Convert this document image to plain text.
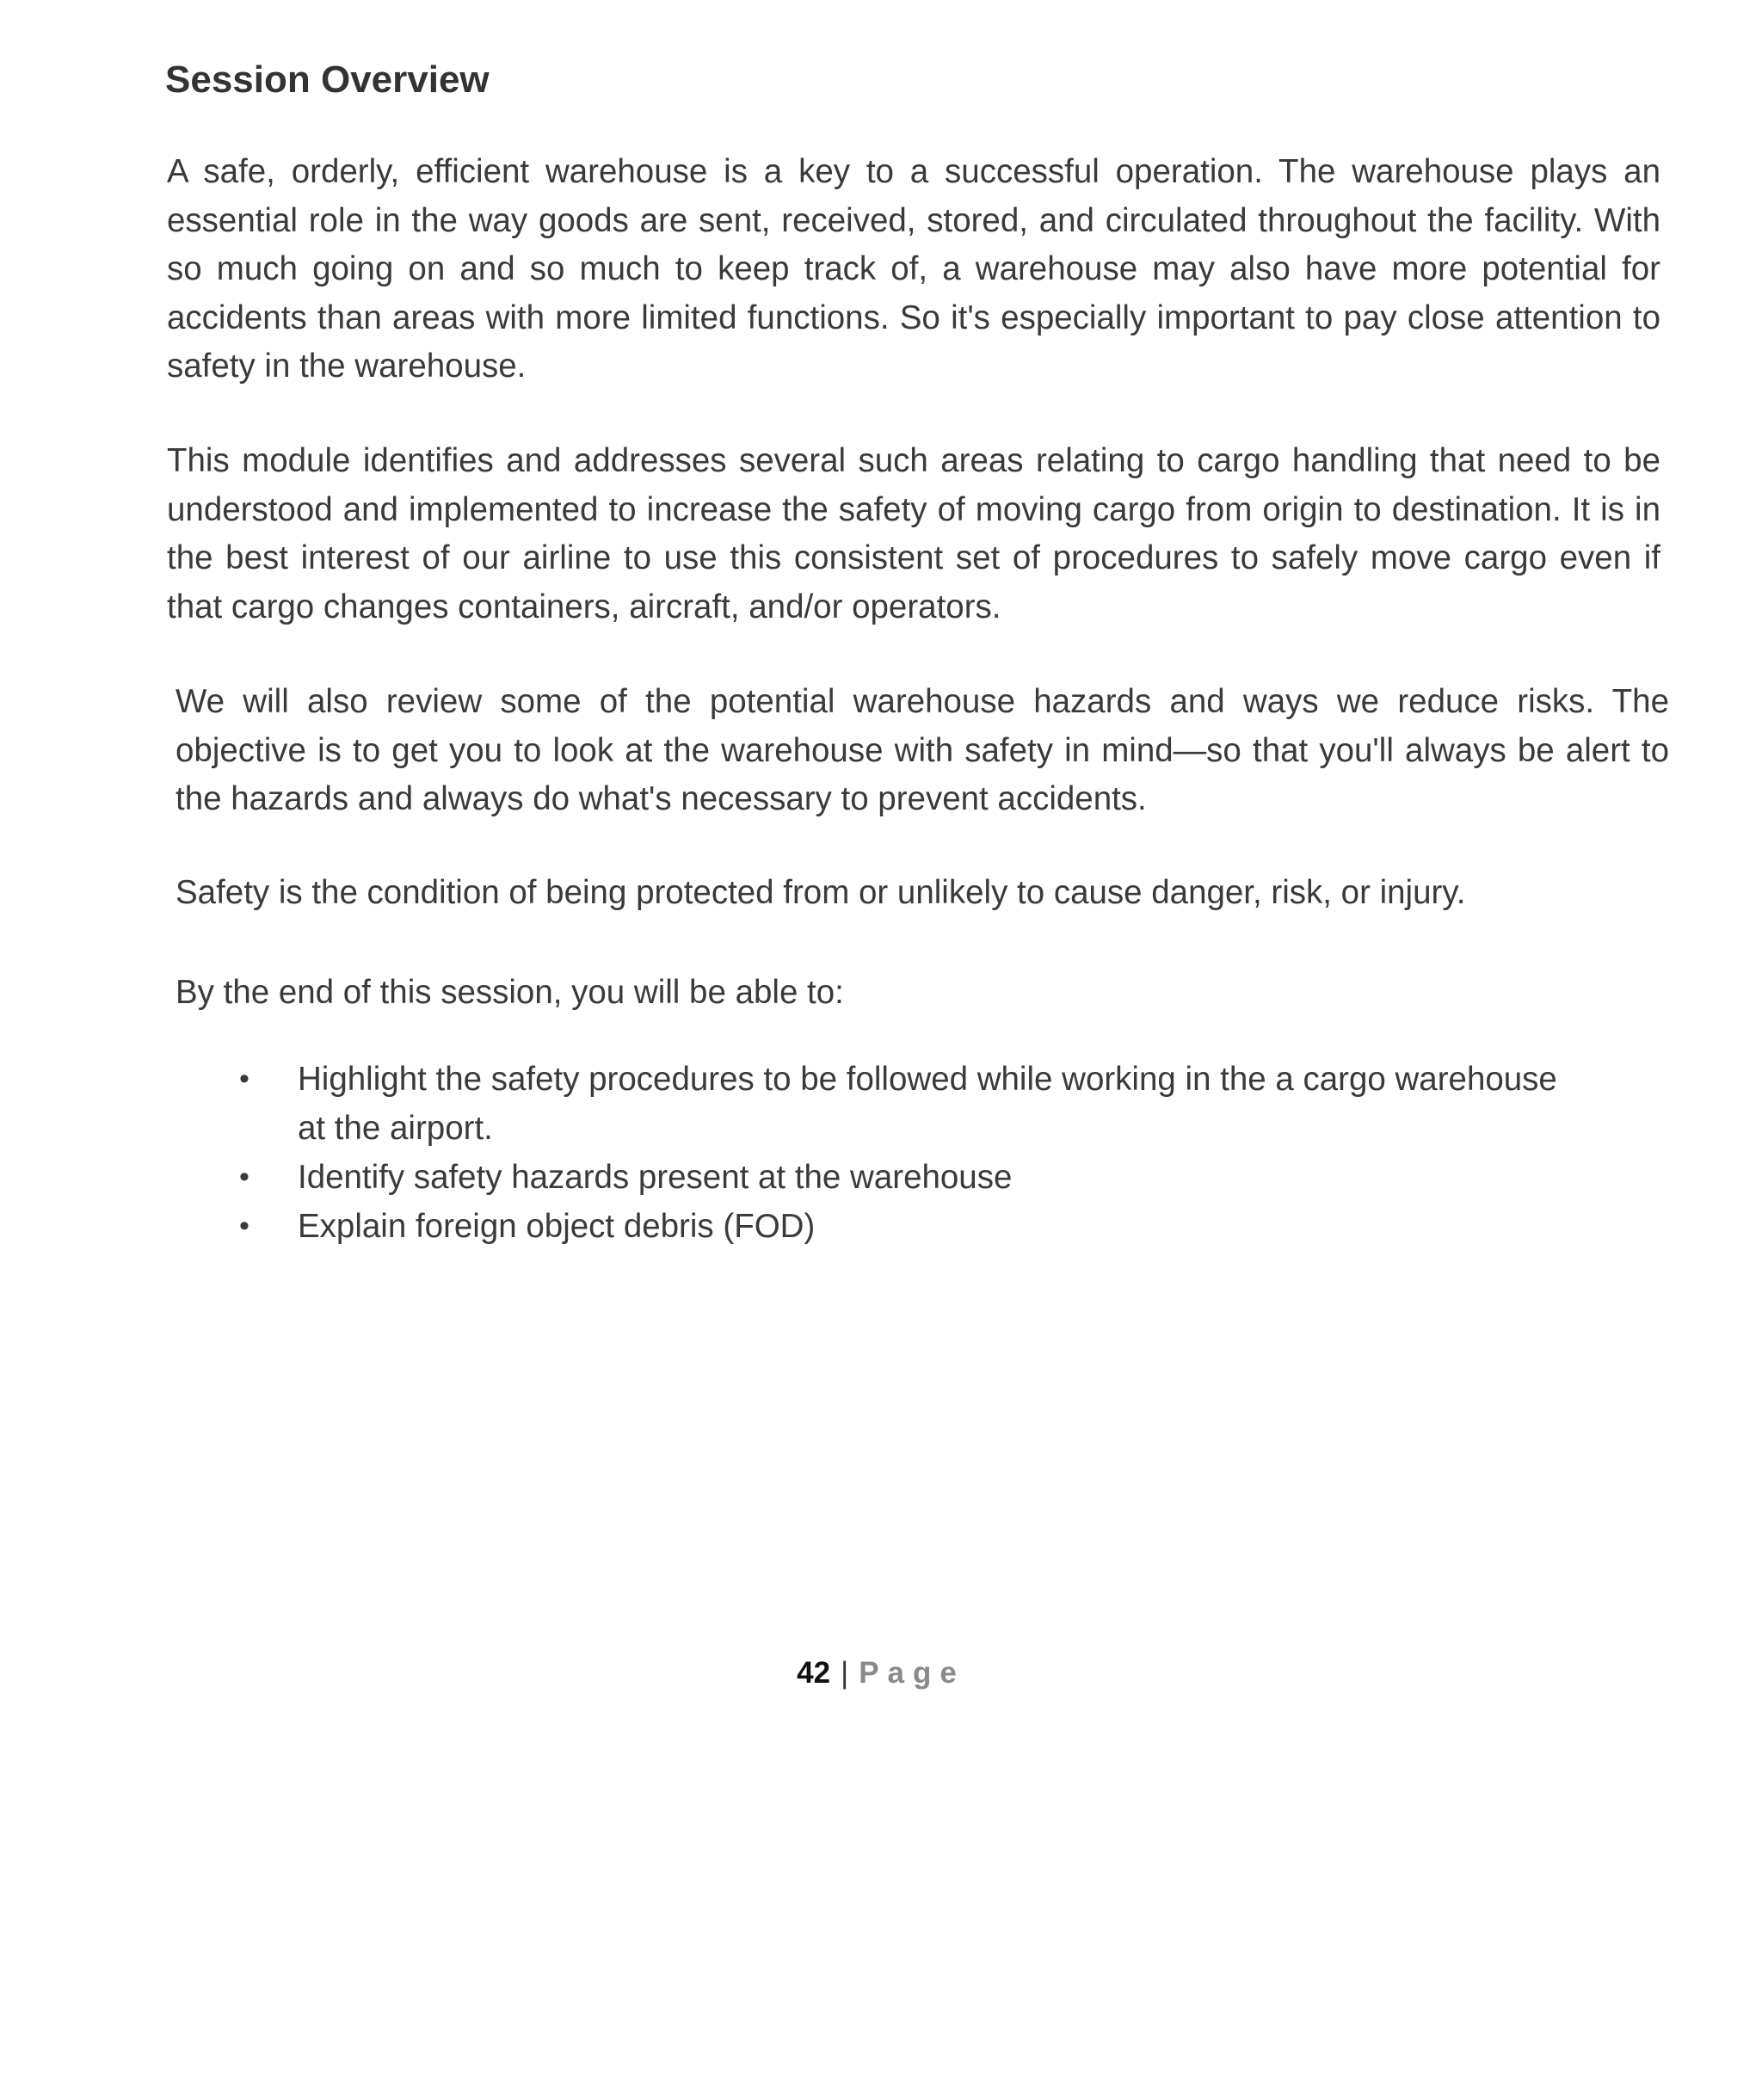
Session Overview

A safe, orderly, efficient warehouse is a key to a successful operation. The warehouse plays an essential role in the way goods are sent, received, stored, and circulated throughout the facility. With so much going on and so much to keep track of, a warehouse may also have more potential for accidents than areas with more limited functions. So it's especially important to pay close attention to safety in the warehouse.

This module identifies and addresses several such areas relating to cargo handling that need to be understood and implemented to increase the safety of moving cargo from origin to destination. It is in the best interest of our airline to use this consistent set of procedures to safely move cargo even if that cargo changes containers, aircraft, and/or operators.

We will also review some of the potential warehouse hazards and ways we reduce risks. The objective is to get you to look at the warehouse with safety in mind—so that you'll always be alert to the hazards and always do what's necessary to prevent accidents.

Safety is the condition of being protected from or unlikely to cause danger, risk, or injury.

By the end of this session, you will be able to:

• Highlight the safety procedures to be followed while working in the a cargo warehouse at the airport.
• Identify safety hazards present at the warehouse
• Explain foreign object debris (FOD)
42 | Page
